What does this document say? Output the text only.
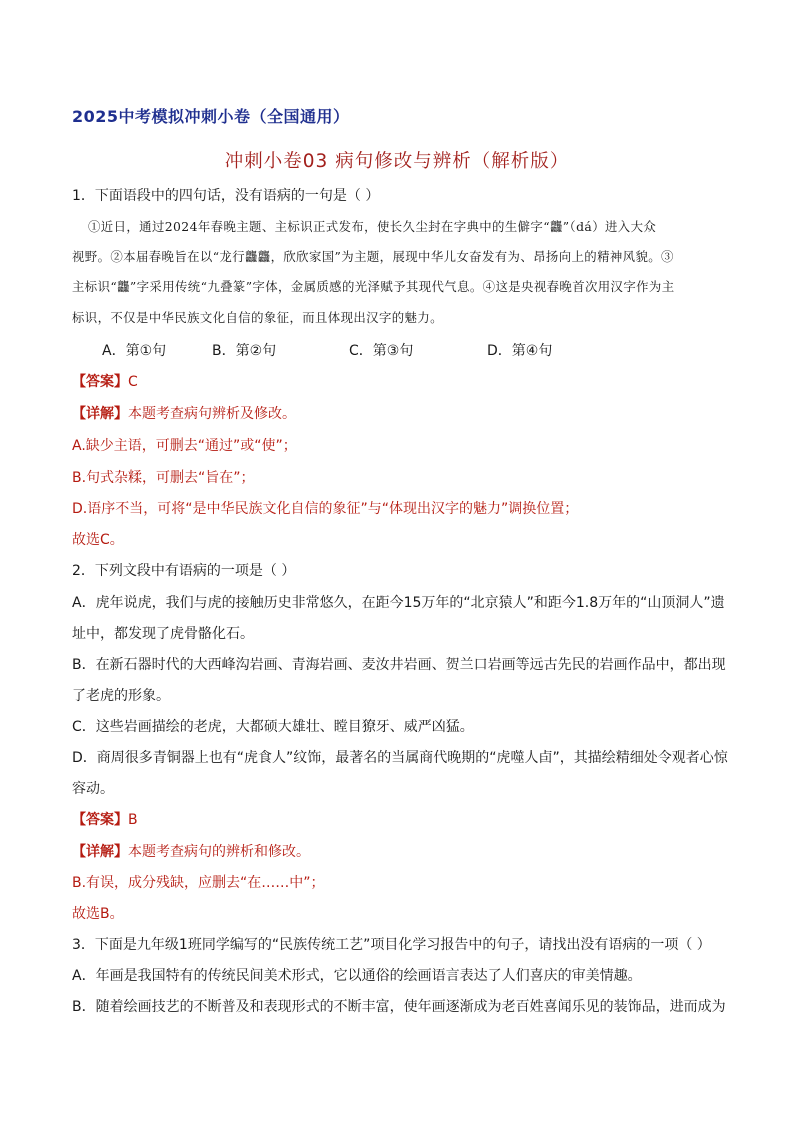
2025中考模拟冲刺小卷（全国通用）
冲刺小卷03 病句修改与辨析（解析版）
1．下面语段中的四句话，没有语病的一句是（ ）
①近日，通过2024年春晚主题、主标识正式发布，使长久尘封在字典中的生僻字“龘”（dá）进入大众
视野。②本届春晚旨在以“龙行龘龘，欣欣家国”为主题，展现中华儿女奋发有为、昂扬向上的精神风貌。③
主标识“龘”字采用传统“九叠篆”字体，金属质感的光泽赋予其现代气息。④这是央视春晚首次用汉字作为主
标识，不仅是中华民族文化自信的象征，而且体现出汉字的魅力。
A．第①句	B．第②句	C．第③句	D．第④句
【答案】C
【详解】本题考查病句辨析及修改。
A.缺少主语，可删去“通过”或“使”；
B.句式杂糅，可删去“旨在”；
D.语序不当，可将“是中华民族文化自信的象征”与“体现出汉字的魅力”调换位置；
故选C。
2．下列文段中有语病的一项是（ ）
A．虎年说虎，我们与虎的接触历史非常悠久，在距今15万年的“北京猿人”和距今1.8万年的“山顶洞人”遗
址中，都发现了虎骨骼化石。
B．在新石器时代的大西峰沟岩画、青海岩画、麦汝井岩画、贺兰口岩画等远古先民的岩画作品中，都出现
了老虎的形象。
C．这些岩画描绘的老虎，大都硕大雄壮、瞠目獠牙、威严凶猛。
D．商周很多青铜器上也有“虎食人”纹饰，最著名的当属商代晚期的“虎噬人卣”，其描绘精细处令观者心惊
容动。
【答案】B
【详解】本题考查病句的辨析和修改。
B.有误，成分残缺，应删去“在……中”；
故选B。
3．下面是九年级1班同学编写的“民族传统工艺”项目化学习报告中的句子，请找出没有语病的一项（ ）
A．年画是我国特有的传统民间美术形式，它以通俗的绘画语言表达了人们喜庆的审美情趣。
B．随着绘画技艺的不断普及和表现形式的不断丰富，使年画逐渐成为老百姓喜闻乐见的装饰品，进而成为
